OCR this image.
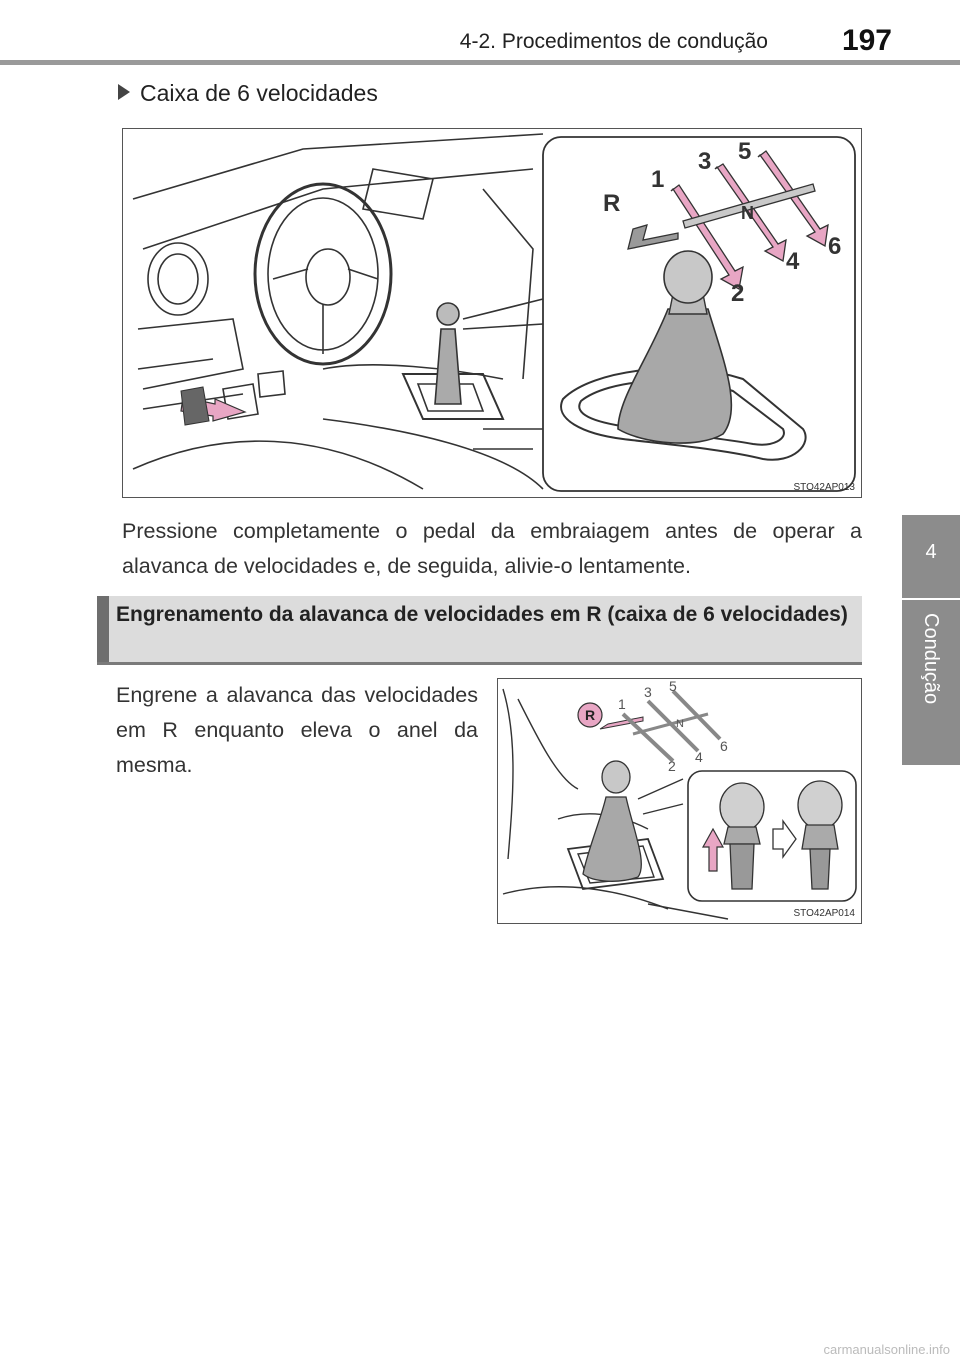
4-2. Procedimentos de condução 197
4
Condução
Caixa de 6 velocidades
R
1
2
3
4
5
6
N
STO42AP013
Pressione completamente o pedal da embraiagem antes de operar a alavanca de velocidades e, de seguida, alivie-o lentamente.
Engrenamento da alavanca de velocidades em R (caixa de 6 velocidades)
Engrene a alavanca das velocidades em R enquanto eleva o anel da mesma.
R
1
2
3
4
5
6
N
STO42AP014
carmanualsonline.info
